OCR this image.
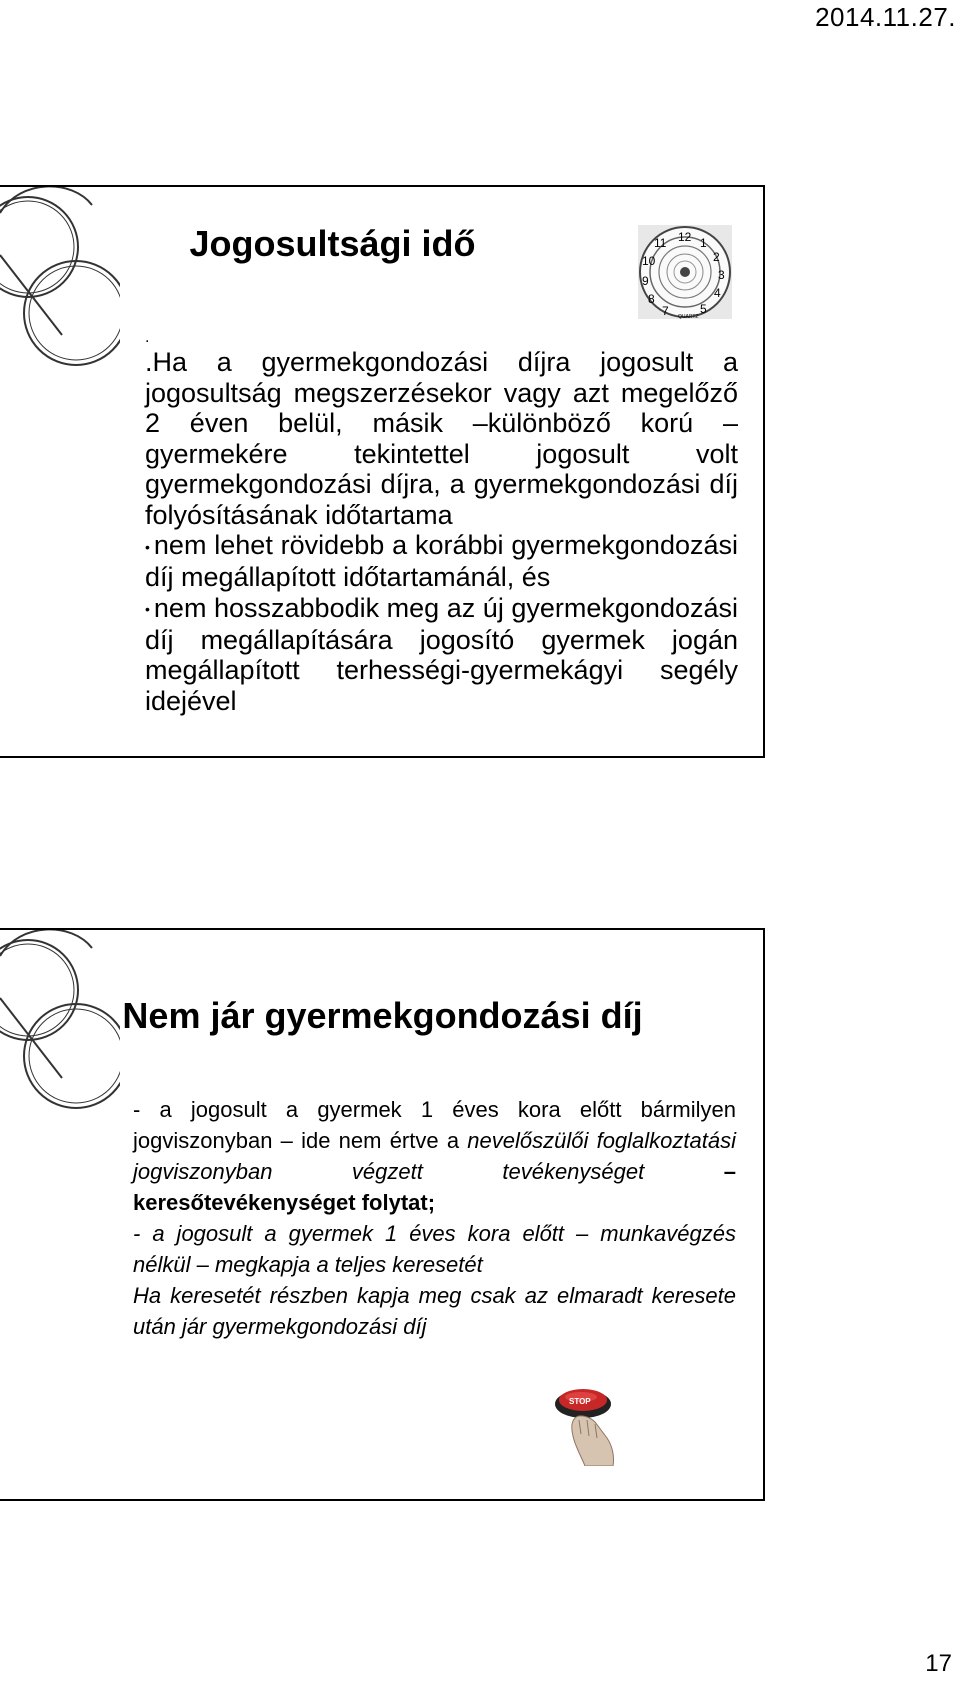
2014.11.27.
Jogosultsági idő	12 1
2
3
4
5
11
10
9
8
7 QUARTZ
.

.Ha a gyermekgondozási díjra jogosult a jogosultság megszerzésekor vagy azt megelőző 2 éven belül, másik –különböző korú – gyermekére tekintettel jogosult volt gyermekgondozási díjra, a gyermekgondozási díj folyósításának időtartama

• nem lehet rövidebb a korábbi gyermekgondozási díj megállapított időtartamánál, és

• nem hosszabbodik meg az új gyermekgondozási díj megállapítására jogosító gyermek jogán megállapított terhességi-gyermekágyi segély idejével

Nem jár gyermekgondozási díj

- a jogosult a gyermek 1 éves kora előtt bármilyen jogviszonyban – ide nem értve a nevelőszülői foglalkoztatási jogviszonyban végzett tevékenységet	– keresőtevékenységet folytat;

- a jogosult a gyermek 1 éves kora előtt – munkavégzés nélkül – megkapja a teljes keresetét

Ha keresetét részben kapja meg csak az elmaradt keresete után jár gyermekgondozási díj

STOP
17
